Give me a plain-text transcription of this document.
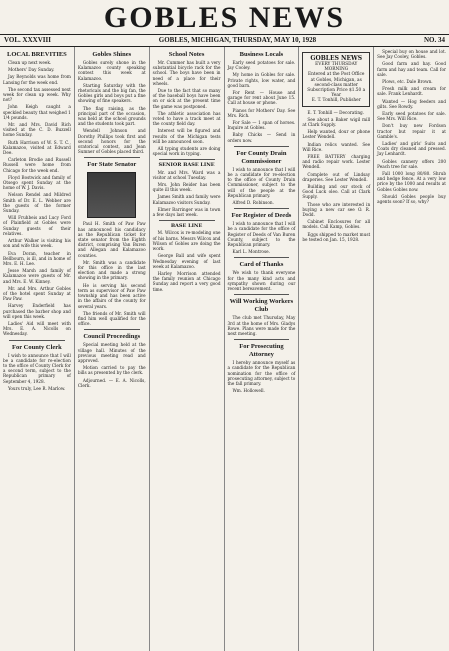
GOBLES NEWS
VOL. XXXVIII	GOBLES, MICHIGAN, THURSDAY, MAY 10, 1928	NO. 34
LOCAL BREVITIES

Clean up next week.

Mothers' Day Sunday.

Jay Reynolds was home from Lansing for the week end.

The second tax assessed next week for clean up week. Why not?

John Keigh caught a speckled beauty that weighed 1 1/4 pounds.

Mr. and Mrs. David Rich visited at the C. D. Buzzell home Sunday.

Ruth Harrison of W. S. T. C., Kalamazoo, visited at Edward Dee.

Carleton Brodie and Russell Russell were home from Chicago for the week end.

Floyd Bostwick and family of Otsego spent Sunday at the home of W. J. Davis.

Nelson Rendel and Mildred Smith of Dr. E. L. Webber are the guests of the former Sunday.

Will Fruhbeis and Lucy Ford of Plainfield at Gobles were Sunday guests of their relatives.

Arthur Walker is visiting his son and wife this week.

Eva Doran, teacher in Bellbourn, is ill, and in home of Mrs. E. H. Lee.

Jesse Marsh and family of Kalamazoo were guests of Mr. and Mrs. E. W. Kinney.

Mr. and Mrs. Arthur Gobles of the hotel spent Sunday at Paw Paw.

Harvey Enderfield has purchased the barber shop and will open this week.

Ladies' Aid will meet with Mrs. E. A. Nicolls on Wednesday.

For County Clerk

I wish to announce that I will be a candidate for re-election to the office of County Clerk for a second term, subject to the Republican primary of September 4, 1928.

Yours truly, Lee R. Marlow.

Gobles Shines

Gobles surely shone in the Kalamazoo county speaking contest this week at Kalamazoo.

Starting Saturday with the rhetoricals and the big fan, the Gobles girls and boys put a fine showing of fine speakers.

The flag raising, as the principal part of the occasion, was held at the school grounds and the students took part.

Wendell Johnson and Dorothy Phillips took first and second honors for the oratorical contest, and Jean Sumner of Gobles placed third.

For State Senator

Paul H. Smith of Paw Paw has announced his candidacy as the Republican ticket for state senator from the Eighth district, comprising Van Buren and Allegan and Kalamazoo counties.

Mr. Smith was a candidate for this office in the last election and made a strong showing in the primary.

He is serving his second term as supervisor of Paw Paw township and has been active in the affairs of the county for several years.

The friends of Mr. Smith will find him well qualified for the office.

Council Proceedings

Special meeting held at the village hall. Minutes of the previous meeting read and approved.

Motion carried to pay the bills as presented by the clerk.

Adjourned. — E. A. Nicolls, Clerk.

School Notes

Mr. Cummer has built a very substantial bicycle rack for the school. The boys have been in need of a place for their wheels.

Due to the fact that so many of the baseball boys have been on or sick at the present time the game was postponed.

The athletic association has voted to have a track meet at the county field day.

Interest will be figured and results of the Michigan tests will be announced soon.

All typing students are doing special work in typing.

SENIOR BASE LINE

Mr. and Mrs. Ward was a visitor at school Tuesday.

Mrs. John Reider has been quite ill this week.

James Smith and family were Kalamazoo visitors Sunday.

Elmer Barringer was in town a few days last week.

BASE LINE

M. Wilcox is re-modeling one of his barns. Messrs Wilcox and Wilson of Gobles are doing the work.

George Ball and wife spent Wednesday evening of last week at Kalamazoo.

Harley Morrison attended the family reunion at Chicago Sunday and report a very good time.

Business Locals

Early seed potatoes for sale. Jay Cooley.

My home in Gobles for sale. Private rights, low water, and good barn.

For Rent — House and garage for rent about June 15. Call at house or phone.

Pianos for Mothers' Day. See Mrs. Rich.

For Sale — 1 span of horses. Inquire at Gobles.

Baby Chicks — Send in orders now.

For County Drain Commissioner

I wish to announce that I will be a candidate for re-election to the office of County Drain Commissioner, subject to the will of the people at the Republican primary.

Alfred D. Robinson.

For Register of Deeds

I wish to announce that I will be a candidate for the office of Register of Deeds of Van Buren County, subject to the Republican primary.

Karl L. Montrose.

Card of Thanks

We wish to thank everyone for the many kind acts and sympathy shown during our recent bereavement.

Will Working Workers Club

The club met Thursday, May 3rd at the home of Mrs. Gladys Rowe. Plans were made for the next meeting.

For Prosecuting Attorney

I hereby announce myself as a candidate for the Republican nomination for the office of prosecuting attorney, subject to the fall primary.

Wm. Hollowell.

GOBLES NEWS
EVERY THURSDAY MORNING
Entered at the Post Office at Gobles, Michigan, as second-class matter
Subscription Price $1.50 a Year
E. T. Tonhill, Publisher

E. T. Tonhill — Decorating.

See about a Baker wigil mill at Clark Supply.

Help wanted, dour or phone Lester Wendell.

Indian relics wanted. See Will Rice.

FREE BATTERY charging and radio repair work. Lester Wendell.

Complete out of Lindsay draperies. See Lester Wendell.

Building and our stock of Good Luck oleo. Call at Clark Supply.

Those who are interested in buying a new car see O. R. Dodd.

Cabinet Enclosures for all models. Call Kamp, Gobles.

Eggs shipped to market must be tested on Jan. 15, 1928.

Special buy on house and lot. See Jay Cooley, Gobles.

Good farm and hay. Good farm and hay and team. Call for sale.

Plows, etc. Dale Brown.

Fresh milk and cream for sale. Frank Lenhardt.

Wanted — Hog feeders and gilts. See Rowdy.

Early seed potatoes for sale. See Mrs. Will Rice.

Don't buy new Fordson tractor but repair it at Gamble's.

Ladies' and girls' Suits and Coats dry cleaned and pressed. Jay Lenhardt.

Gobles cannery offers 200 Peach tree for sale.

Fall 1000 long 80/80. Shrub and hedge fence. At a very low price by the 1000 and results at Gobles Gobles now.

Should Gobles people buy agents soon? If so, why?
